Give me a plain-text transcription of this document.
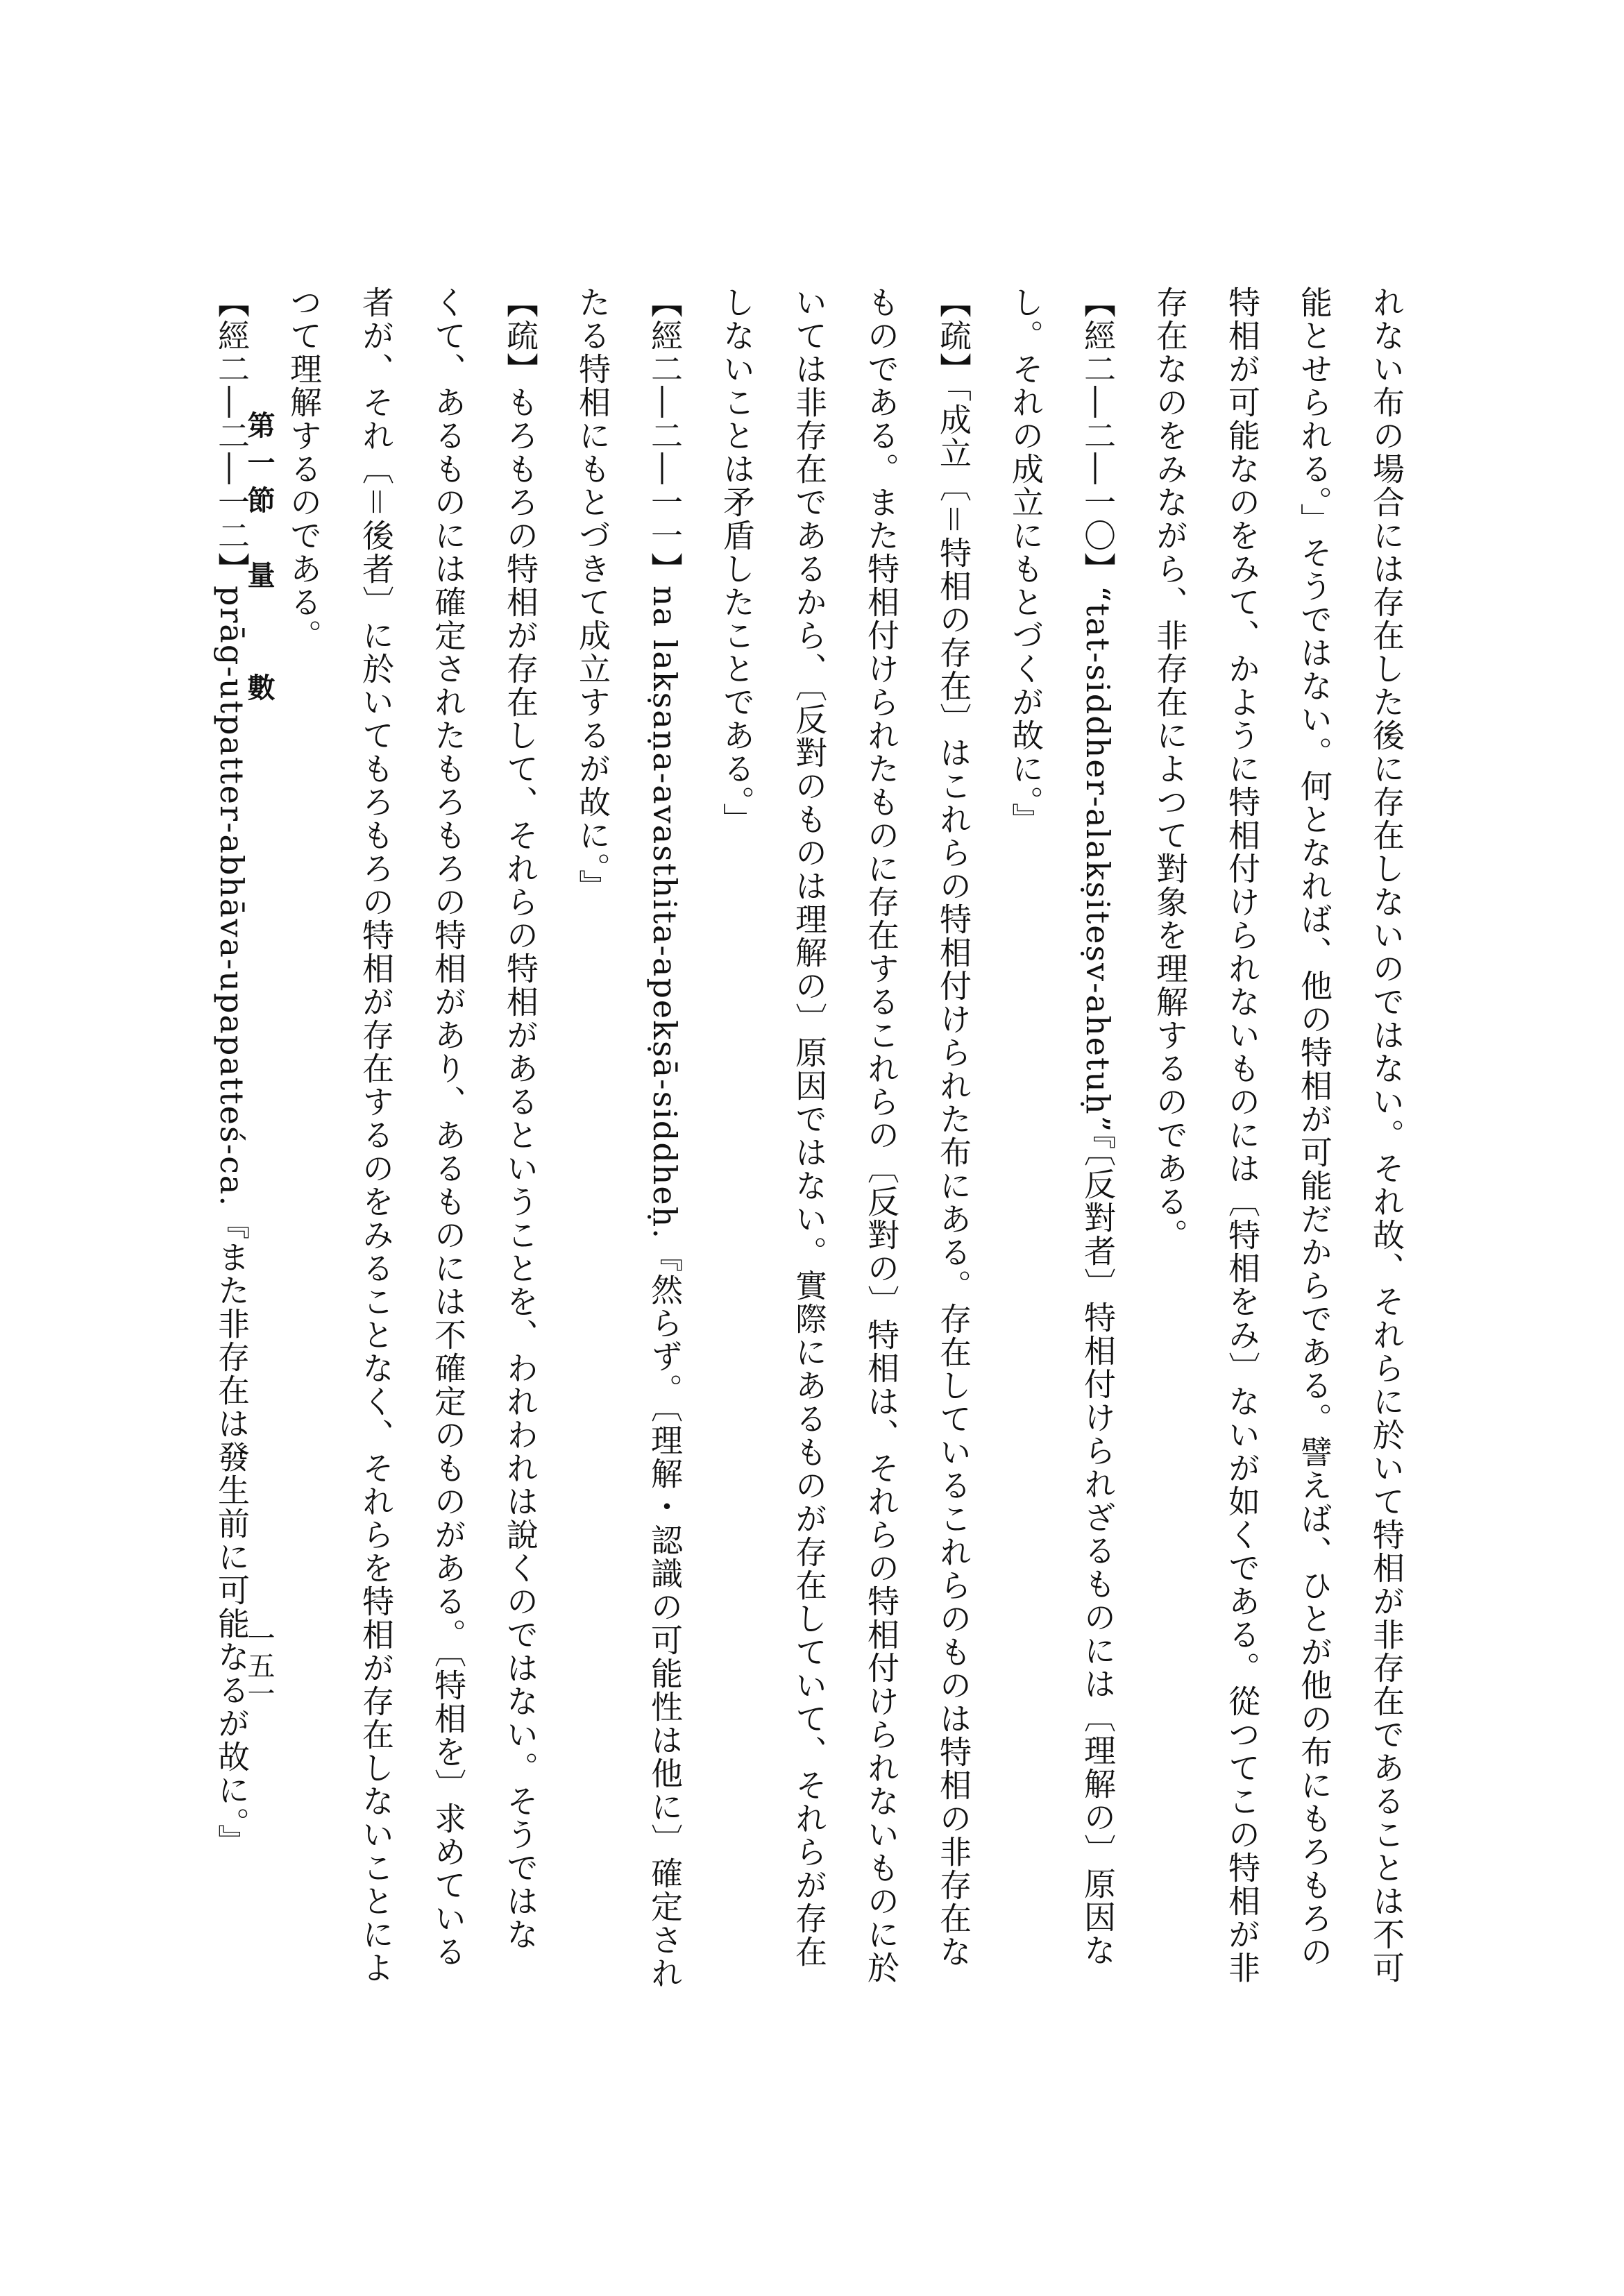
れない布の場合には存在した後に存在しないのではない。それ故、それらに於いて特相が非存在であることは不可
能とせられる。」そうではない。何となれば、他の特相が可能だからである。譬えば、ひとが他の布にもろもろの
特相が可能なのをみて、かように特相付けられないものには〔特相をみ〕ないが如くである。從つてこの特相が非
存在なのをみながら、非存在によつて對象を理解するのである。
【經二―二―一〇】“tat-siddher-alakṣiteṣv-ahetuḥ”『〔反對者〕特相付けられざるものには〔理解の〕原因な
し。それの成立にもとづくが故に。』
【疏】「成立〔＝特相の存在〕はこれらの特相付けられた布にある。存在しているこれらのものは特相の非存在な
ものである。また特相付けられたものに存在するこれらの〔反對の〕特相は、それらの特相付けられないものに於
いては非存在であるから、〔反對のものは理解の〕原因ではない。實際にあるものが存在していて、それらが存在
しないことは矛盾したことである。」
【經二―二―一一】na lakṣaṇa-avasthita-apekṣā-siddheḥ.『然らず。〔理解・認識の可能性は他に〕確定され
たる特相にもとづきて成立するが故に。』
【疏】もろもろの特相が存在して、それらの特相があるということを、われわれは說くのではない。そうではな
くて、あるものには確定されたもろもろの特相があり、あるものには不確定のものがある。〔特相を〕求めている
者が、それ〔＝後者〕に於いてもろもろの特相が存在するのをみることなく、それらを特相が存在しないことによ
つて理解するのである。
【經二―二―一二】prāg-utpatter-abhāva-upapatteś-ca.『また非存在は發生前に可能なるが故に。』
第一節　量　　數
一五一
